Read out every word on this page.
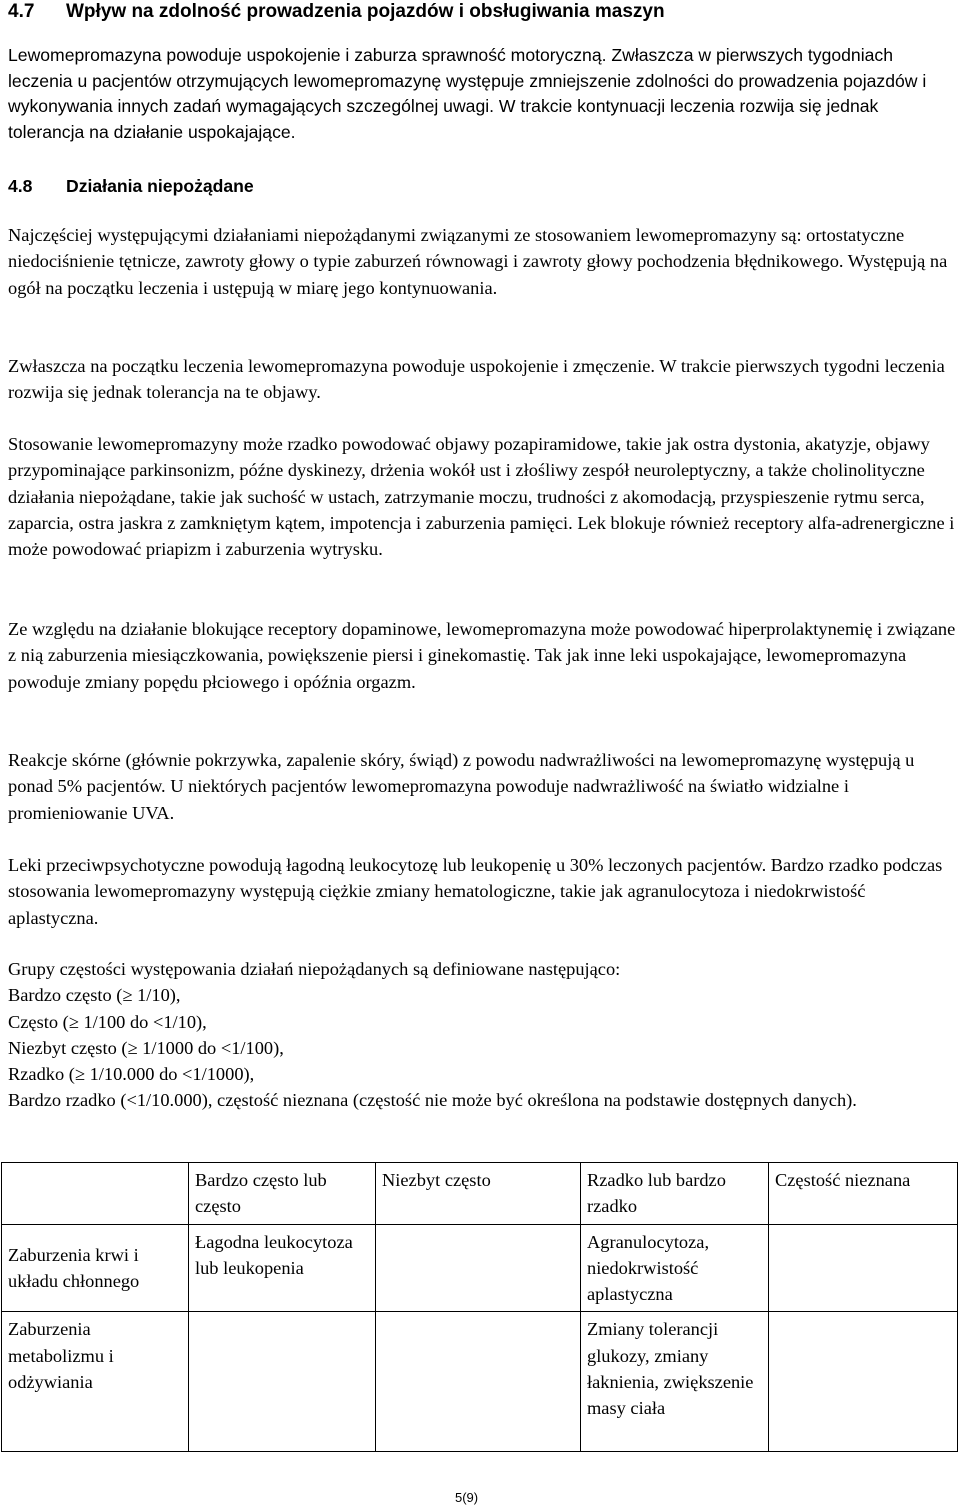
4.7 Wpływ na zdolność prowadzenia pojazdów i obsługiwania maszyn
Lewomepromazyna powoduje uspokojenie i zaburza sprawność motoryczną. Zwłaszcza w pierwszych tygodniach leczenia u pacjentów otrzymujących lewomepromazynę występuje zmniejszenie zdolności do prowadzenia pojazdów i wykonywania innych zadań wymagających szczególnej uwagi. W trakcie kontynuacji leczenia rozwija się jednak tolerancja na działanie uspokajające.
4.8 Działania niepożądane
Najczęściej występującymi działaniami niepożądanymi związanymi ze stosowaniem lewomepromazyny są: ortostatyczne niedociśnienie tętnicze, zawroty głowy o typie zaburzeń równowagi i zawroty głowy pochodzenia błędnikowego. Występują na ogół na początku leczenia i ustępują w miarę jego kontynuowania.
Zwłaszcza na początku leczenia lewomepromazyna powoduje uspokojenie i zmęczenie. W trakcie pierwszych tygodni leczenia rozwija się jednak tolerancja na te objawy.
Stosowanie lewomepromazyny może rzadko powodować objawy pozapiramidowe, takie jak ostra dystonia, akatyzje, objawy przypominające parkinsonizm, późne dyskinezy, drżenia wokół ust i złośliwy zespół neuroleptyczny, a także cholinolityczne działania niepożądane, takie jak suchość w ustach, zatrzymanie moczu, trudności z akomodacją, przyspieszenie rytmu serca, zaparcia, ostra jaskra z zamkniętym kątem, impotencja i zaburzenia pamięci. Lek blokuje również receptory alfa-adrenergiczne i może powodować priapizm i zaburzenia wytrysku.
Ze względu na działanie blokujące receptory dopaminowe, lewomepromazyna może powodować hiperprolaktynemię i związane z nią zaburzenia miesiączkowania, powiększenie piersi i ginekomastię. Tak jak inne leki uspokajające, lewomepromazyna powoduje zmiany popędu płciowego i opóźnia orgazm.
Reakcje skórne (głównie pokrzywka, zapalenie skóry, świąd) z powodu nadwrażliwości na lewomepromazynę występują u ponad 5% pacjentów. U niektórych pacjentów lewomepromazyna powoduje nadwrażliwość na światło widzialne i promieniowanie UVA.
Leki przeciwpsychotyczne powodują łagodną leukocytozę lub leukopenię u 30% leczonych pacjentów. Bardzo rzadko podczas stosowania lewomepromazyny występują ciężkie zmiany hematologiczne, takie jak agranulocytoza i niedokrwistość aplastyczna.
Grupy częstości występowania działań niepożądanych są definiowane następująco:
Bardzo często (≥ 1/10),
Często (≥ 1/100 do <1/10),
Niezbyt często (≥ 1/1000 do <1/100),
Rzadko (≥ 1/10.000 do <1/1000),
Bardzo rzadko (<1/10.000), częstość nieznana (częstość nie może być określona na podstawie dostępnych danych).
	Bardzo często lub często	Niezbyt często	Rzadko lub bardzo rzadko	Częstość nieznana
Zaburzenia krwi i układu chłonnego	Łagodna leukocytoza lub leukopenia		Agranulocytoza, niedokrwistość aplastyczna	
Zaburzenia metabolizmu i odżywiania			Zmiany tolerancji glukozy, zmiany łaknienia, zwiększenie masy ciała	
5(9)
